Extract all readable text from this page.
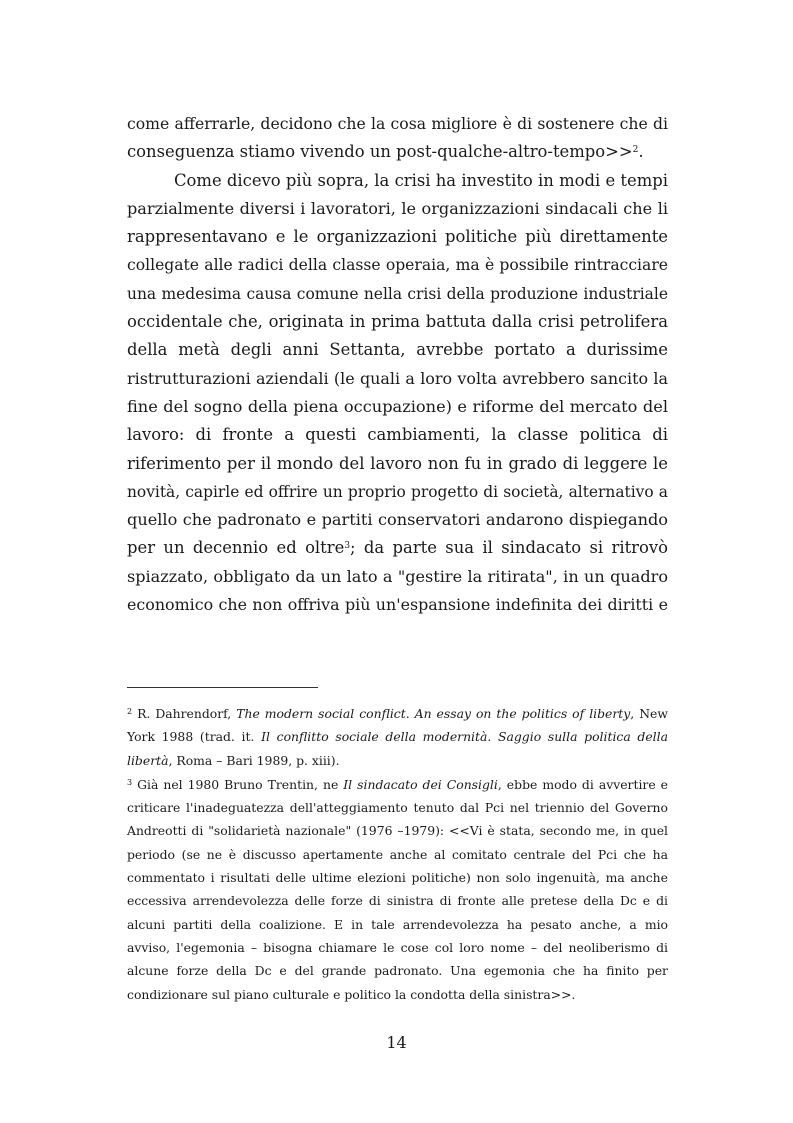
come afferrarle, decidono che la cosa migliore è di sostenere che di
conseguenza stiamo vivendo un post-qualche-altro-tempo>>$^2$.

Come dicevo più sopra, la crisi ha investito in modi e tempi
parzialmente diversi i lavoratori, le organizzazioni sindacali che li
rappresentavano e le organizzazioni politiche più direttamente
collegate alle radici della classe operaia, ma è possibile rintracciare
una medesima causa comune nella crisi della produzione industriale
occidentale che, originata in prima battuta dalla crisi petrolifera
della metà degli anni Settanta, avrebbe portato a durissime
ristrutturazioni aziendali (le quali a loro volta avrebbero sancito la
fine del sogno della piena occupazione) e riforme del mercato del
lavoro: di fronte a questi cambiamenti, la classe politica di
riferimento per il mondo del lavoro non fu in grado di leggere le
novità, capirle ed offrire un proprio progetto di società, alternativo a
quello che padronato e partiti conservatori andarono dispiegando
per un decennio ed oltre$^3$; da parte sua il sindacato si ritrovò
spiazzato, obbligato da un lato a "gestire la ritirata", in un quadro
economico che non offriva più un'espansione indefinita dei diritti e

$^2$ R. Dahrendorf, The modern social conflict. An essay on the politics of liberty, New
York 1988 (trad. it. Il conflitto sociale della modernità. Saggio sulla politica della
libertà, Roma – Bari 1989, p. xiii).
$^3$ Già nel 1980 Bruno Trentin, ne Il sindacato dei Consigli, ebbe modo di avvertire e
criticare l'inadeguatezza dell'atteggiamento tenuto dal Pci nel triennio del Governo
Andreotti di "solidarietà nazionale" (1976 –1979): <<Vi è stata, secondo me, in quel
periodo (se ne è discusso apertamente anche al comitato centrale del Pci che ha
commentato i risultati delle ultime elezioni politiche) non solo ingenuità, ma anche
eccessiva arrendevolezza delle forze di sinistra di fronte alle pretese della Dc e di
alcuni partiti della coalizione. E in tale arrendevolezza ha pesato anche, a mio
avviso, l'egemonia – bisogna chiamare le cose col loro nome – del neoliberismo di
alcune forze della Dc e del grande padronato. Una egemonia che ha finito per
condizionare sul piano culturale e politico la condotta della sinistra>>.
14
